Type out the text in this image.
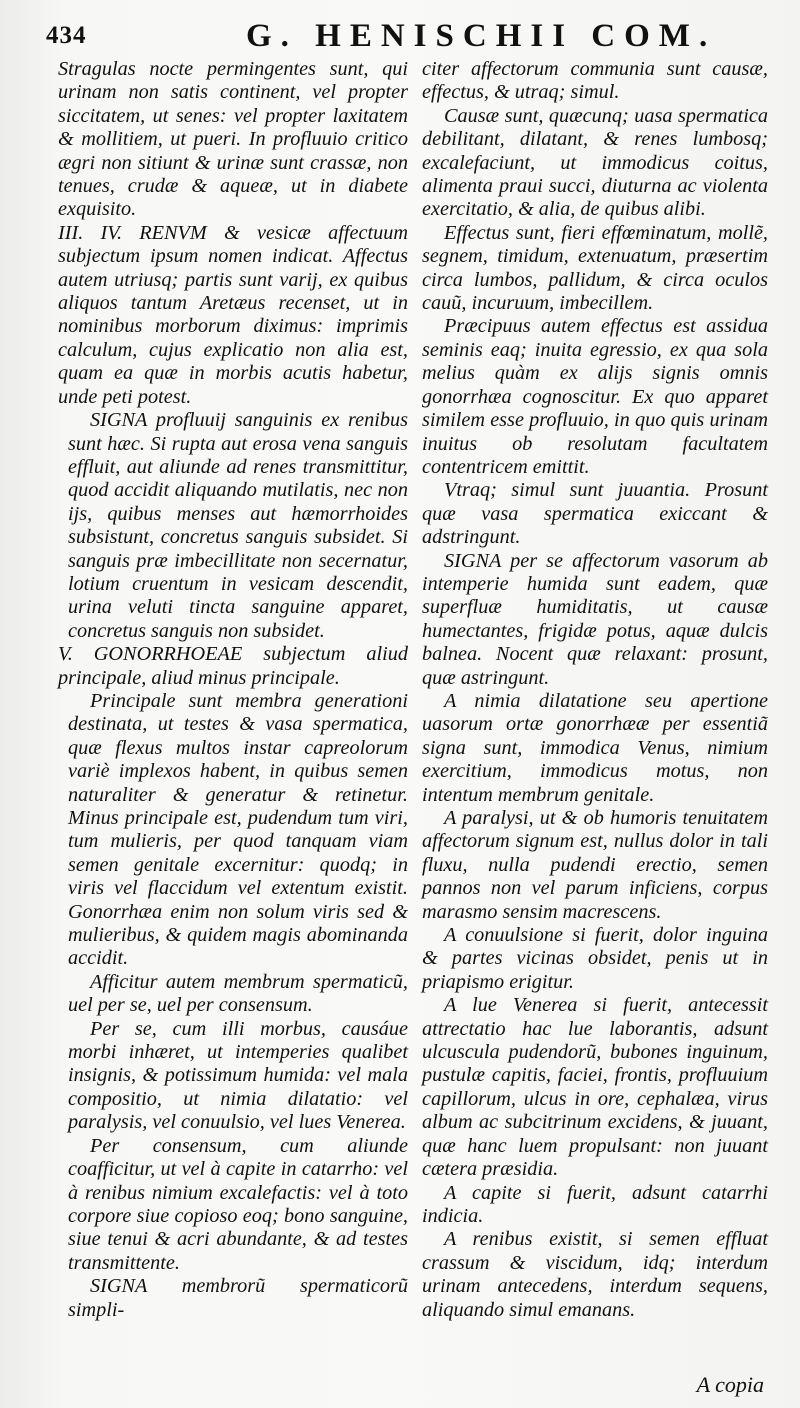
434	G. HENISCHII COM.

Stragulas nocte permingentes sunt, qui urinam non satis continent, vel propter siccitatem, ut senes: vel propter laxitatem & mollitiem, ut pueri. In profluuio critico ægri non sitiunt & urinæ sunt crassæ, non tenues, crudæ & aqueæ, ut in diabete exquisito.

III. IV. RENVM & vesicæ affectuum subjectum ipsum nomen indicat. Affectus autem utriusq; partis sunt varij, ex quibus aliquos tantum Aretæus recenset, ut in nominibus morborum diximus: imprimis calculum, cujus explicatio non alia est, quam ea quæ in morbis acutis habetur, unde peti potest.

SIGNA profluuij sanguinis ex renibus sunt hæc. Si rupta aut erosa vena sanguis effluit, aut aliunde ad renes transmittitur, quod accidit aliquando mutilatis, nec non ijs, quibus menses aut hæmorrhoides subsistunt, concretus sanguis subsidet. Si sanguis præ imbecillitate non secernatur, lotium cruentum in vesicam descendit, urina veluti tincta sanguine apparet, concretus sanguis non subsidet.

V. GONORRHOEAE subjectum aliud principale, aliud minus principale.

Principale sunt membra generationi destinata, ut testes & vasa spermatica, quæ flexus multos instar capreolorum variè implexos habent, in quibus semen naturaliter & generatur & retinetur. Minus principale est, pudendum tum viri, tum mulieris, per quod tanquam viam semen genitale excernitur: quodq; in viris vel flaccidum vel extentum existit. Gonorrhæa enim non solum viris sed & mulieribus, & quidem magis abominanda accidit.

Afficitur autem membrum spermaticũ, uel per se, uel per consensum.

Per se, cum illi morbus, causáue morbi inhæret, ut intemperies qualibet insignis, & potissimum humida: vel mala compositio, ut nimia dilatatio: vel paralysis, vel conuulsio, vel lues Venerea.

Per consensum, cum aliunde coafficitur, ut vel à capite in catarrho: vel à renibus nimium excalefactis: vel à toto corpore siue copioso eoq; bono sanguine, siue tenui & acri abundante, & ad testes transmittente.

SIGNA membrorũ spermaticorũ simpli-

citer affectorum communia sunt causæ, effectus, & utraq; simul.

Causæ sunt, quæcunq; uasa spermatica debilitant, dilatant, & renes lumbosq; excalefaciunt, ut immodicus coitus, alimenta praui succi, diuturna ac violenta exercitatio, & alia, de quibus alibi.

Effectus sunt, fieri effœminatum, mollẽ, segnem, timidum, extenuatum, præsertim circa lumbos, pallidum, & circa oculos cauũ, incuruum, imbecillem.

Præcipuus autem effectus est assidua seminis eaq; inuita egressio, ex qua sola melius quàm ex alijs signis omnis gonorrhæa cognoscitur. Ex quo apparet similem esse profluuio, in quo quis urinam inuitus ob resolutam facultatem contentricem emittit.

Vtraq; simul sunt juuantia. Prosunt quæ vasa spermatica exiccant & adstringunt.

SIGNA per se affectorum vasorum ab intemperie humida sunt eadem, quæ superfluæ humiditatis, ut causæ humectantes, frigidæ potus, aquæ dulcis balnea. Nocent quæ relaxant: prosunt, quæ astringunt.

A nimia dilatatione seu apertione uasorum ortæ gonorrhææ per essentiã signa sunt, immodica Venus, nimium exercitium, immodicus motus, non intentum membrum genitale.

A paralysi, ut & ob humoris tenuitatem affectorum signum est, nullus dolor in tali fluxu, nulla pudendi erectio, semen pannos non vel parum inficiens, corpus marasmo sensim macrescens.

A conuulsione si fuerit, dolor inguina & partes vicinas obsidet, penis ut in priapismo erigitur.

A lue Venerea si fuerit, antecessit attrectatio hac lue laborantis, adsunt ulcuscula pudendorũ, bubones inguinum, pustulæ capitis, faciei, frontis, profluuium capillorum, ulcus in ore, cephalæa, virus album ac subcitrinum excidens, & juuant, quæ hanc luem propulsant: non juuant cætera præsidia.

A capite si fuerit, adsunt catarrhi indicia.

A renibus existit, si semen effluat crassum & viscidum, idq; interdum urinam antecedens, interdum sequens, aliquando simul emanans.

A copia
